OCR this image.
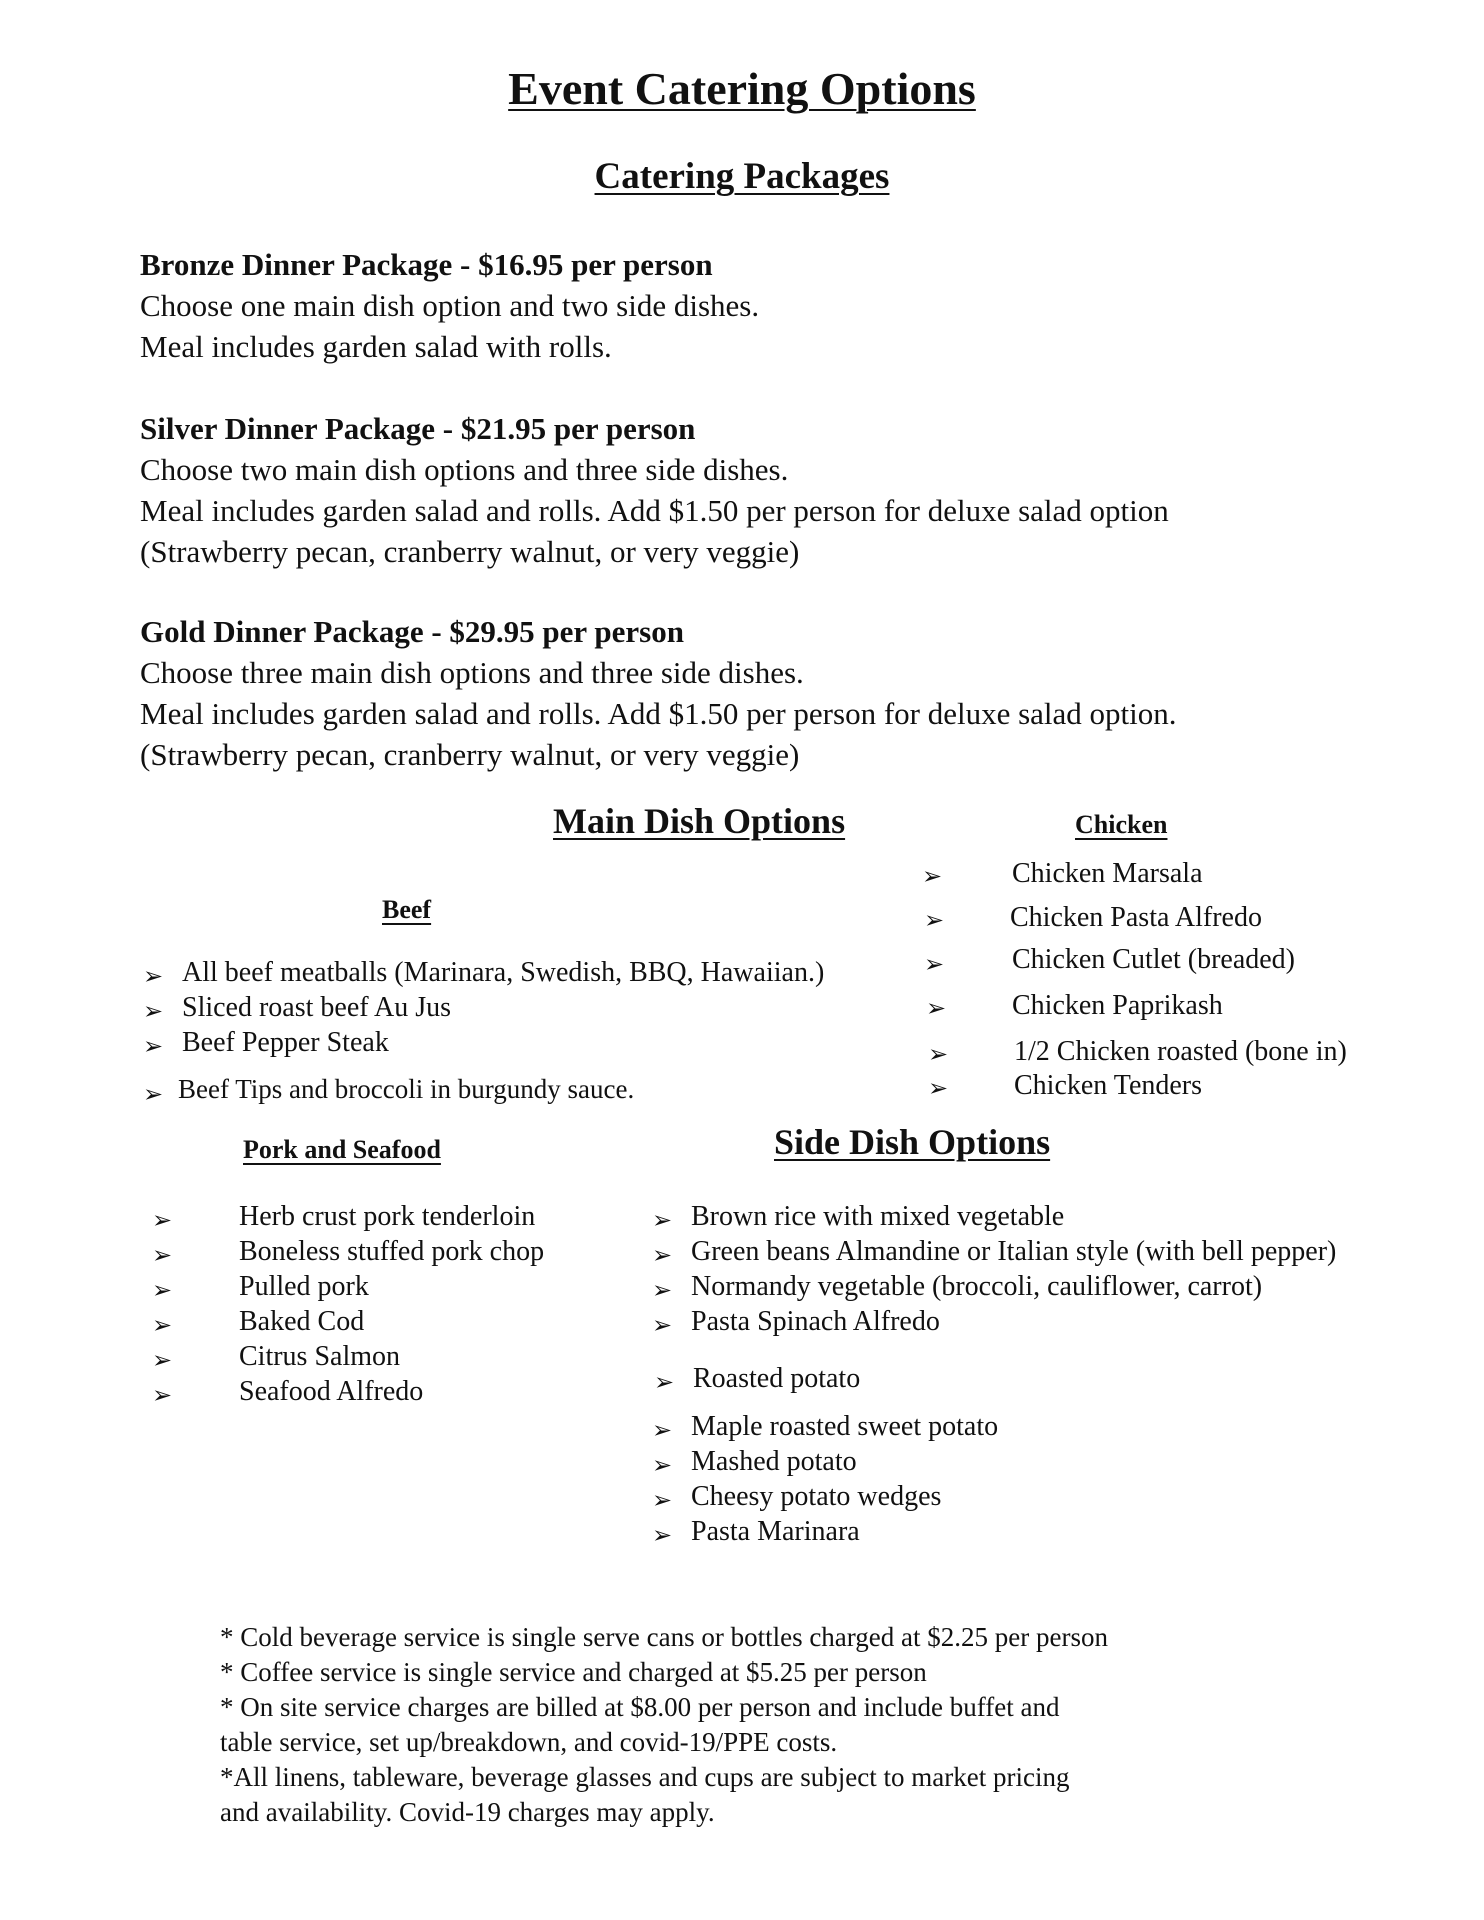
Event Catering Options
Catering Packages
Bronze Dinner Package - $16.95 per person
Choose one main dish option and two side dishes.
Meal includes garden salad with rolls.
Silver Dinner Package - $21.95 per person
Choose two main dish options and three side dishes.
Meal includes garden salad and rolls. Add $1.50 per person for deluxe salad option
(Strawberry pecan, cranberry walnut, or very veggie)
Gold Dinner Package - $29.95 per person
Choose three main dish options and three side dishes.
Meal includes garden salad and rolls. Add $1.50 per person for deluxe salad option.
(Strawberry pecan, cranberry walnut, or very veggie)
Main Dish Options	Chicken
➢ Chicken Marsala
➢ Chicken Pasta Alfredo
➢ Chicken Cutlet (breaded)
➢ Chicken Paprikash
➢ 1/2 Chicken roasted (bone in)
➢ Chicken Tenders
Beef
➢ All beef meatballs (Marinara, Swedish, BBQ, Hawaiian.)
➢ Sliced roast beef Au Jus
➢ Beef Pepper Steak
➢ Beef Tips and broccoli in burgundy sauce.
Pork and Seafood
➢ Herb crust pork tenderloin
➢ Boneless stuffed pork chop
➢ Pulled pork
➢ Baked Cod
➢ Citrus Salmon
➢ Seafood Alfredo
Side Dish Options
➢ Brown rice with mixed vegetable
➢ Green beans Almandine or Italian style (with bell pepper)
➢ Normandy vegetable (broccoli, cauliflower, carrot)
➢ Pasta Spinach Alfredo
➢ Roasted potato
➢ Maple roasted sweet potato
➢ Mashed potato
➢ Cheesy potato wedges
➢ Pasta Marinara
* Cold beverage service is single serve cans or bottles charged at $2.25 per person
* Coffee service is single service and charged at $5.25 per person
* On site service charges are billed at $8.00 per person and include buffet and
table service, set up/breakdown, and covid-19/PPE costs.
*All linens, tableware, beverage glasses and cups are subject to market pricing
and availability. Covid-19 charges may apply.
